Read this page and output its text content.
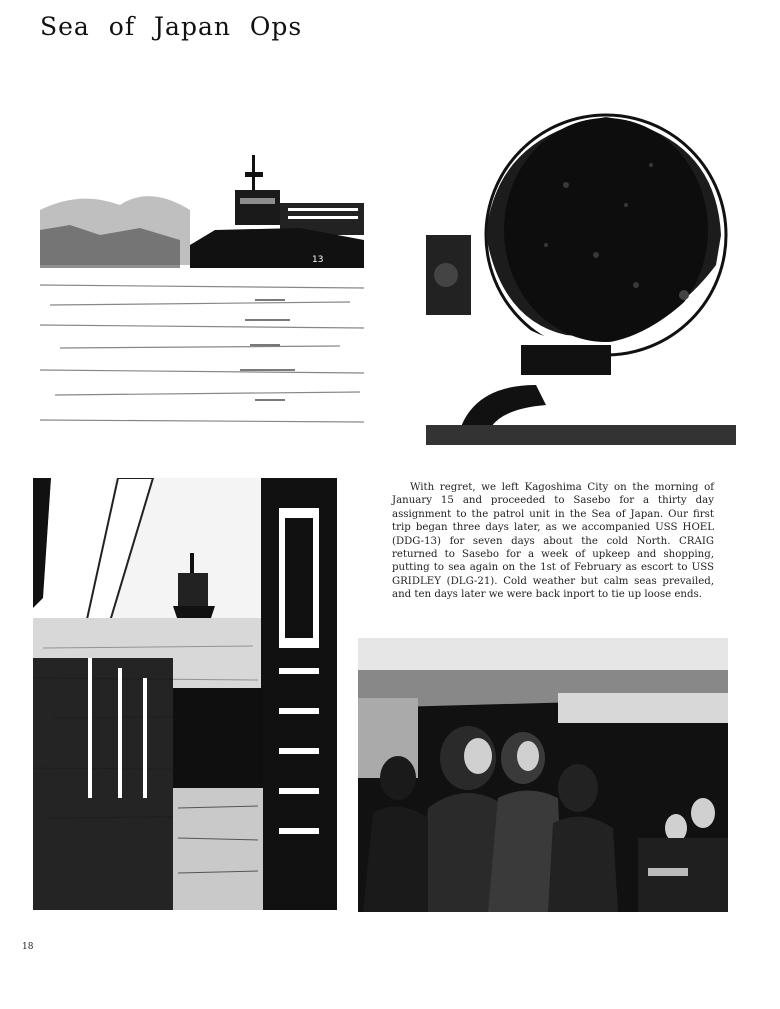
Sea of Japan Ops
13

With regret, we left Kagoshima City on the morning of January 15 and proceeded to Sasebo for a thirty day assignment to the patrol unit in the Sea of Japan. Our first trip began three days later, as we accompanied USS HOEL (DDG-13) for seven days about the cold North. CRAIG returned to Sasebo for a week of upkeep and shopping, putting to sea again on the 1st of February as escort to USS GRIDLEY (DLG-21). Cold weather but calm seas prevailed, and ten days later we were back inport to tie up loose ends.

18
